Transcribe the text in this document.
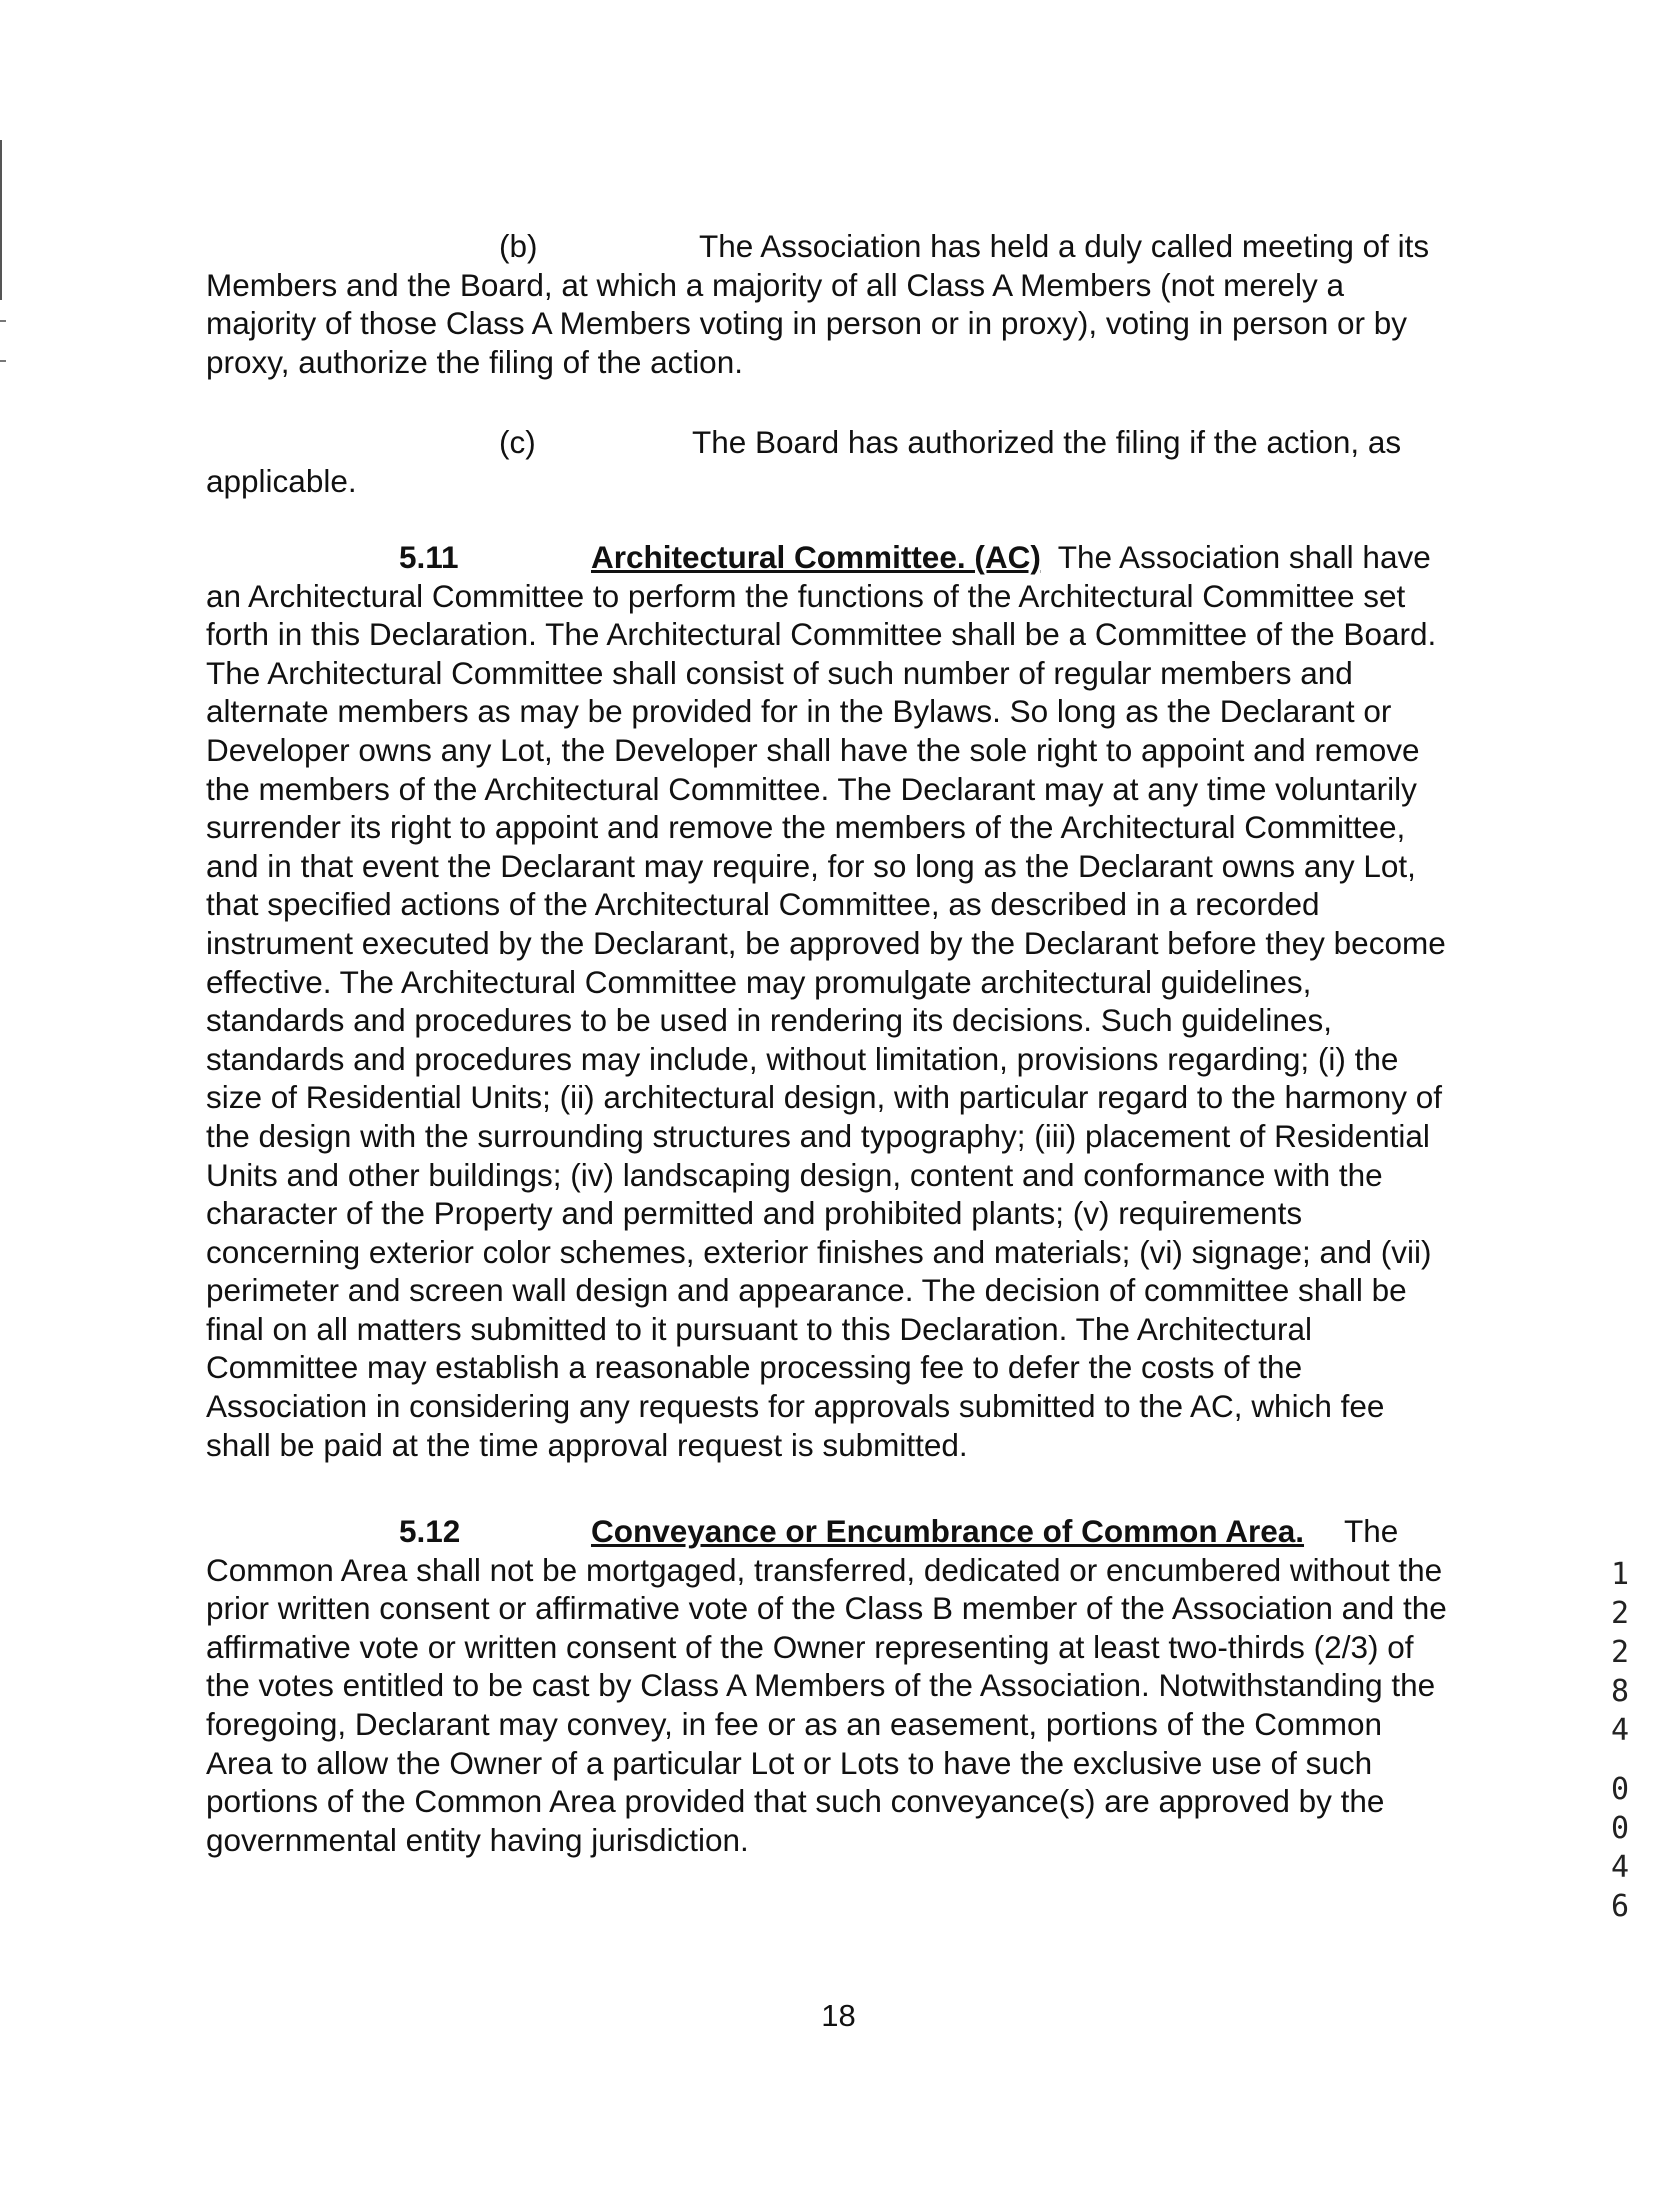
(b)	The Association has held a duly called meeting of its
Members and the Board, at which a majority of all Class A Members (not merely a
majority of those Class A Members voting in person or in proxy), voting in person or by
proxy, authorize the filing of the action.
(c)	The Board has authorized the filing if the action, as
applicable.
5.11	Architectural Committee. (AC) The Association shall have
an Architectural Committee to perform the functions of the Architectural Committee set
forth in this Declaration. The Architectural Committee shall be a Committee of the Board.
The Architectural Committee shall consist of such number of regular members and
alternate members as may be provided for in the Bylaws. So long as the Declarant or
Developer owns any Lot, the Developer shall have the sole right to appoint and remove
the members of the Architectural Committee. The Declarant may at any time voluntarily
surrender its right to appoint and remove the members of the Architectural Committee,
and in that event the Declarant may require, for so long as the Declarant owns any Lot,
that specified actions of the Architectural Committee, as described in a recorded
instrument executed by the Declarant, be approved by the Declarant before they become
effective. The Architectural Committee may promulgate architectural guidelines,
standards and procedures to be used in rendering its decisions. Such guidelines,
standards and procedures may include, without limitation, provisions regarding; (i) the
size of Residential Units; (ii) architectural design, with particular regard to the harmony of
the design with the surrounding structures and typography; (iii) placement of Residential
Units and other buildings; (iv) landscaping design, content and conformance with the
character of the Property and permitted and prohibited plants; (v) requirements
concerning exterior color schemes, exterior finishes and materials; (vi) signage; and (vii)
perimeter and screen wall design and appearance. The decision of committee shall be
final on all matters submitted to it pursuant to this Declaration. The Architectural
Committee may establish a reasonable processing fee to defer the costs of the
Association in considering any requests for approvals submitted to the AC, which fee
shall be paid at the time approval request is submitted.
5.12	Conveyance or Encumbrance of Common Area. The
Common Area shall not be mortgaged, transferred, dedicated or encumbered without the
prior written consent or affirmative vote of the Class B member of the Association and the
affirmative vote or written consent of the Owner representing at least two-thirds (2/3) of
the votes entitled to be cast by Class A Members of the Association. Notwithstanding the
foregoing, Declarant may convey, in fee or as an easement, portions of the Common
Area to allow the Owner of a particular Lot or Lots to have the exclusive use of such
portions of the Common Area provided that such conveyance(s) are approved by the
governmental entity having jurisdiction.
1
2
2
8
4
0
0
4
6
18
